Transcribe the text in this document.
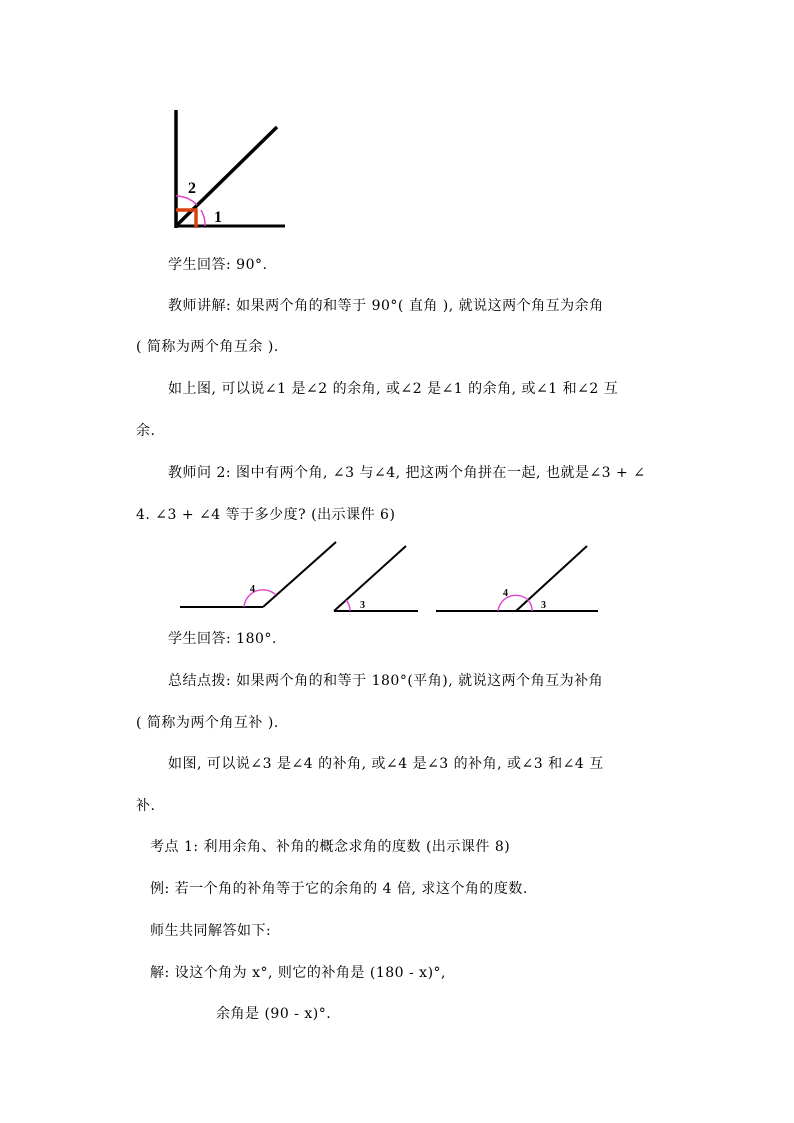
2
1
学生回答: 90°.
教师讲解: 如果两个角的和等于 90°( 直角 ), 就说这两个角互为余角
( 简称为两个角互余 ).
如上图, 可以说∠1 是∠2 的余角, 或∠2 是∠1 的余角, 或∠1 和∠2 互
余.
教师问 2: 图中有两个角, ∠3 与∠4, 把这两个角拼在一起, 也就是∠3 + ∠
4. ∠3 + ∠4 等于多少度? (出示课件 6)
4
3
4
3
学生回答: 180°.
总结点拨: 如果两个角的和等于 180°(平角), 就说这两个角互为补角
( 简称为两个角互补 ).
如图, 可以说∠3 是∠4 的补角, 或∠4 是∠3 的补角, 或∠3 和∠4 互
补.
考点 1: 利用余角、补角的概念求角的度数 (出示课件 8)
例: 若一个角的补角等于它的余角的 4 倍, 求这个角的度数.
师生共同解答如下:
解: 设这个角为 x°, 则它的补角是 (180 - x)°,
余角是 (90 - x)°.
